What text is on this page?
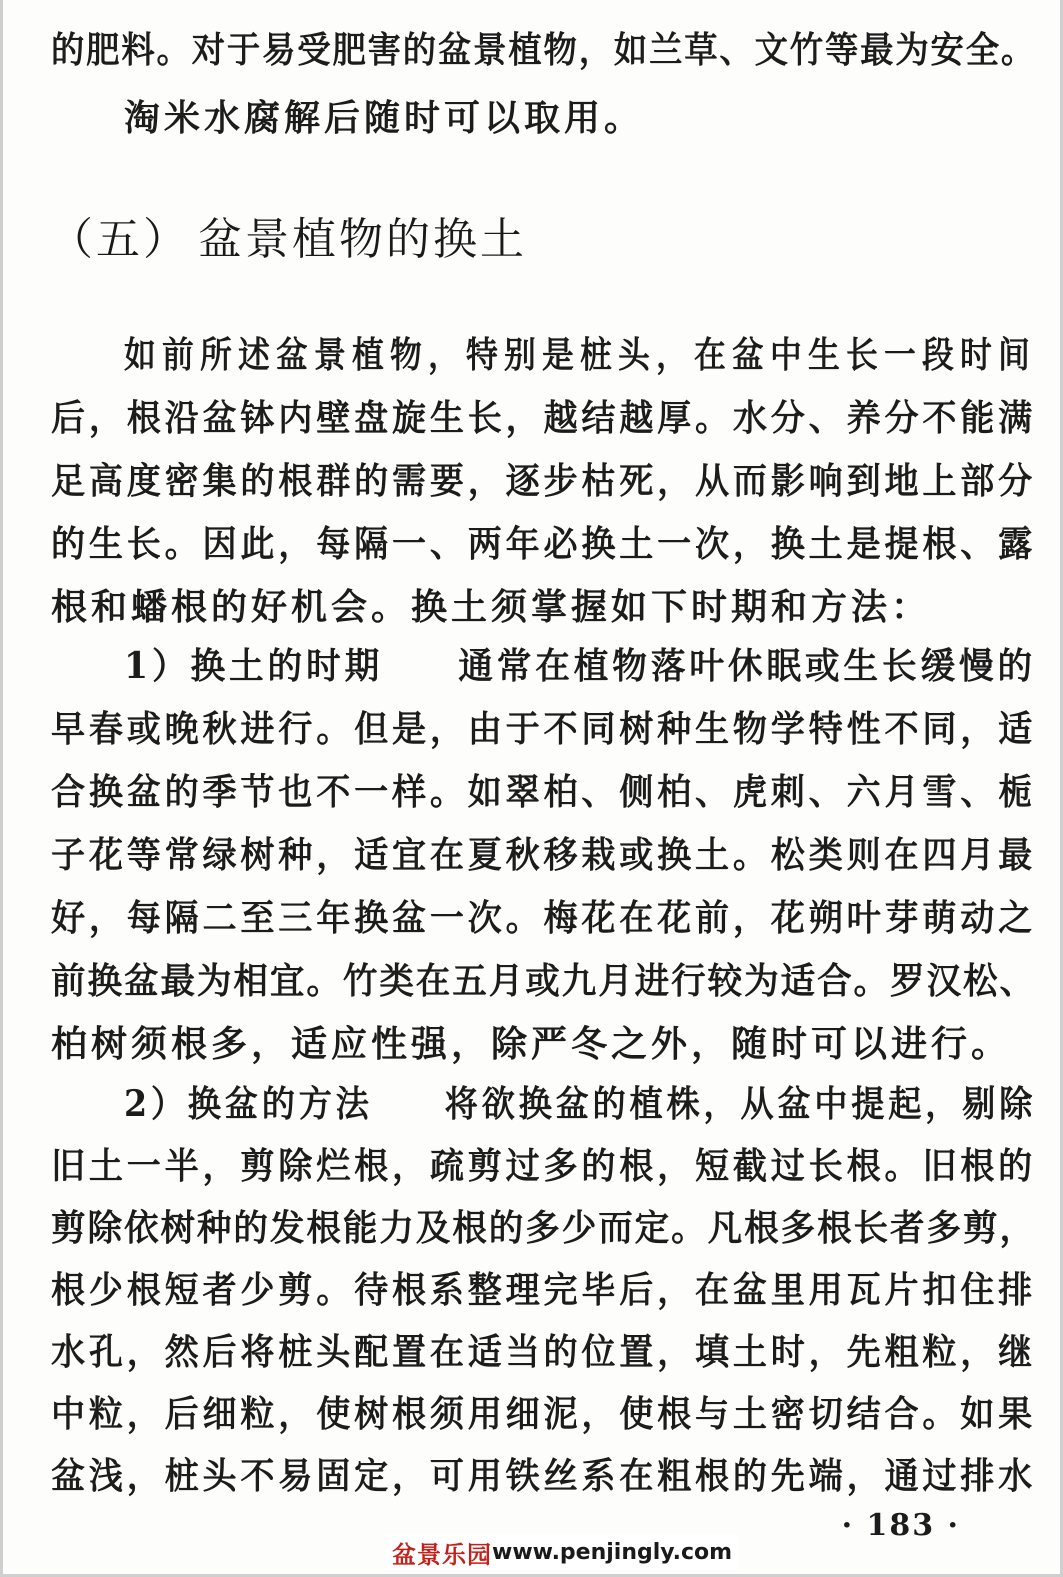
的肥料。对于易受肥害的盆景植物，如兰草、文竹等最为安全。
淘米水腐解后随时可以取用。
（五） 盆景植物的换土
如前所述盆景植物，特别是桩头，在盆中生长一段时间
后，根沿盆钵内壁盘旋生长，越结越厚。水分、养分不能满
足高度密集的根群的需要，逐步枯死，从而影响到地上部分
的生长。因此，每隔一、两年必换土一次，换土是提根、露
根和蟠根的好机会。换土须掌握如下时期和方法：
1）换土的时期 通常在植物落叶休眠或生长缓慢的
早春或晚秋进行。但是，由于不同树种生物学特性不同，适
合换盆的季节也不一样。如翠柏、侧柏、虎刺、六月雪、栀
子花等常绿树种，适宜在夏秋移栽或换土。松类则在四月最
好，每隔二至三年换盆一次。梅花在花前，花朔叶芽萌动之
前换盆最为相宜。竹类在五月或九月进行较为适合。罗汉松、
柏树须根多，适应性强，除严冬之外，随时可以进行。
2）换盆的方法 将欲换盆的植株，从盆中提起，剔除
旧土一半，剪除烂根，疏剪过多的根，短截过长根。旧根的
剪除依树种的发根能力及根的多少而定。凡根多根长者多剪，
根少根短者少剪。待根系整理完毕后，在盆里用瓦片扣住排
水孔，然后将桩头配置在适当的位置，填土时，先粗粒，继
中粒，后细粒，使树根须用细泥，使根与土密切结合。如果
盆浅，桩头不易固定，可用铁丝系在粗根的先端，通过排水
· 183 ·
盆景乐园 www.penjingly.com
